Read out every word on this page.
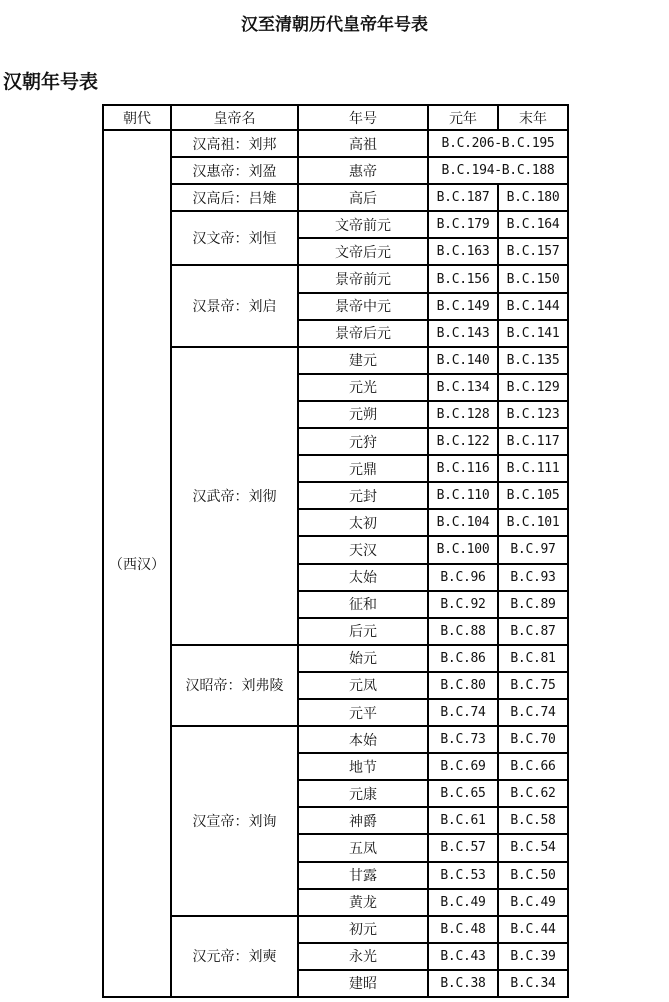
汉至清朝历代皇帝年号表
汉朝年号表
朝代	皇帝名	年号	元年	末年
（西汉）	汉高祖：刘邦	高祖	B.C.206-B.C.195	
	汉惠帝：刘盈	惠帝	B.C.194-B.C.188	
	汉高后：吕雉	高后	B.C.187	B.C.180
	汉文帝：刘恒	文帝前元	B.C.179	B.C.164
		文帝后元	B.C.163	B.C.157
	汉景帝：刘启	景帝前元	B.C.156	B.C.150
		景帝中元	B.C.149	B.C.144
		景帝后元	B.C.143	B.C.141
	汉武帝：刘彻	建元	B.C.140	B.C.135
		元光	B.C.134	B.C.129
		元朔	B.C.128	B.C.123
		元狩	B.C.122	B.C.117
		元鼎	B.C.116	B.C.111
		元封	B.C.110	B.C.105
		太初	B.C.104	B.C.101
		天汉	B.C.100	B.C.97
		太始	B.C.96	B.C.93
		征和	B.C.92	B.C.89
		后元	B.C.88	B.C.87
	汉昭帝：刘弗陵	始元	B.C.86	B.C.81
		元凤	B.C.80	B.C.75
		元平	B.C.74	B.C.74
	汉宣帝：刘询	本始	B.C.73	B.C.70
		地节	B.C.69	B.C.66
		元康	B.C.65	B.C.62
		神爵	B.C.61	B.C.58
		五凤	B.C.57	B.C.54
		甘露	B.C.53	B.C.50
		黄龙	B.C.49	B.C.49
	汉元帝：刘奭	初元	B.C.48	B.C.44
		永光	B.C.43	B.C.39
		建昭	B.C.38	B.C.34
